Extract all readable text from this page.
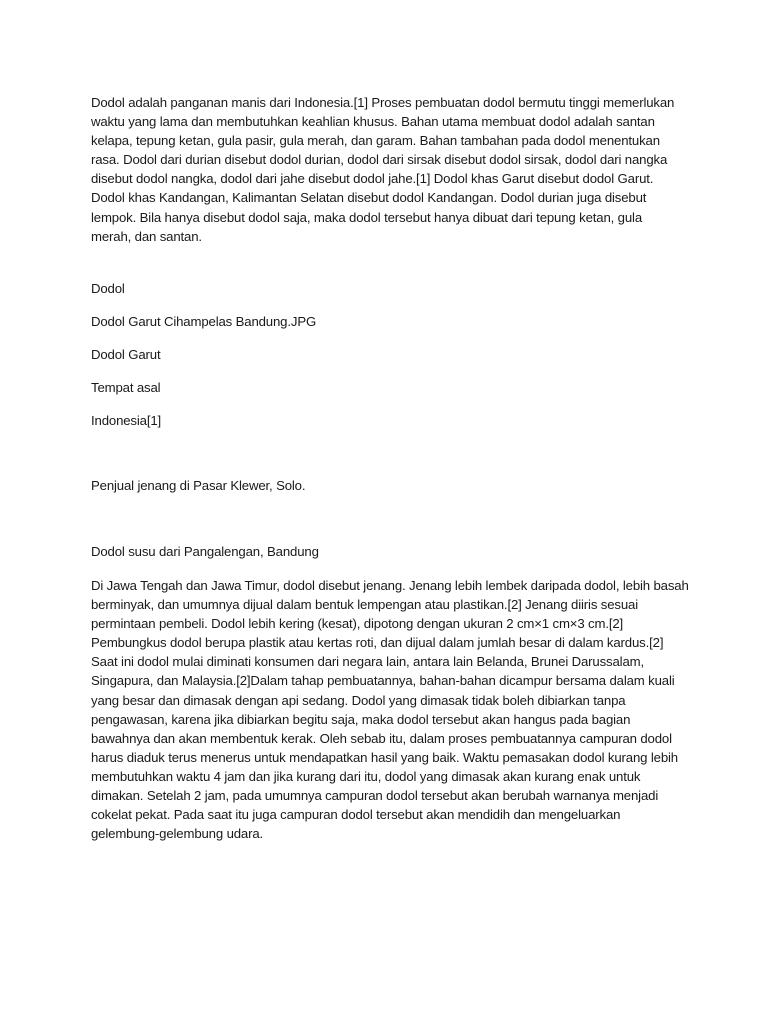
Dodol adalah panganan manis dari Indonesia.[1] Proses pembuatan dodol bermutu tinggi memerlukan waktu yang lama dan membutuhkan keahlian khusus. Bahan utama membuat dodol adalah santan kelapa, tepung ketan, gula pasir, gula merah, dan garam. Bahan tambahan pada dodol menentukan rasa. Dodol dari durian disebut dodol durian, dodol dari sirsak disebut dodol sirsak, dodol dari nangka disebut dodol nangka, dodol dari jahe disebut dodol jahe.[1] Dodol khas Garut disebut dodol Garut. Dodol khas Kandangan, Kalimantan Selatan disebut dodol Kandangan. Dodol durian juga disebut lempok. Bila hanya disebut dodol saja, maka dodol tersebut hanya dibuat dari tepung ketan, gula merah, dan santan.

Dodol

Dodol Garut Cihampelas Bandung.JPG

Dodol Garut

Tempat asal

Indonesia[1]

Penjual jenang di Pasar Klewer, Solo.

Dodol susu dari Pangalengan, Bandung

Di Jawa Tengah dan Jawa Timur, dodol disebut jenang. Jenang lebih lembek daripada dodol, lebih basah berminyak, dan umumnya dijual dalam bentuk lempengan atau plastikan.[2] Jenang diiris sesuai permintaan pembeli. Dodol lebih kering (kesat), dipotong dengan ukuran 2 cm×1 cm×3 cm.[2] Pembungkus dodol berupa plastik atau kertas roti, dan dijual dalam jumlah besar di dalam kardus.[2] Saat ini dodol mulai diminati konsumen dari negara lain, antara lain Belanda, Brunei Darussalam, Singapura, dan Malaysia.[2]Dalam tahap pembuatannya, bahan-bahan dicampur bersama dalam kuali yang besar dan dimasak dengan api sedang. Dodol yang dimasak tidak boleh dibiarkan tanpa pengawasan, karena jika dibiarkan begitu saja, maka dodol tersebut akan hangus pada bagian bawahnya dan akan membentuk kerak. Oleh sebab itu, dalam proses pembuatannya campuran dodol harus diaduk terus menerus untuk mendapatkan hasil yang baik. Waktu pemasakan dodol kurang lebih membutuhkan waktu 4 jam dan jika kurang dari itu, dodol yang dimasak akan kurang enak untuk dimakan. Setelah 2 jam, pada umumnya campuran dodol tersebut akan berubah warnanya menjadi cokelat pekat. Pada saat itu juga campuran dodol tersebut akan mendidih dan mengeluarkan gelembung-gelembung udara.
